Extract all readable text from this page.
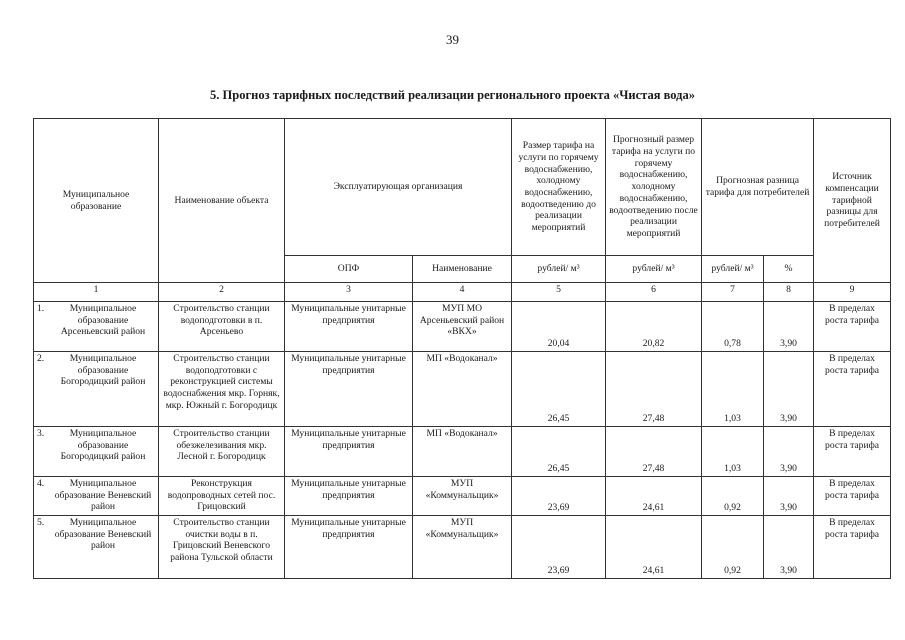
39
5. Прогноз тарифных последствий реализации регионального проекта «Чистая вода»
Муниципальное образование	Наименование объекта	Эксплуатирующая организация		Размер тарифа на услуги по горячему водоснабжению, холодному водоснабжению, водоотведению до реализации мероприятий	Прогнозный размер тарифа на услуги по горячему водоснабжению, холодному водоснабжению, водоотведению после реализации мероприятий	Прогнозная разница тарифа для потребителей		Источник компенсации тарифной разницы для потребителей
		ОПФ	Наименование	рублей/ м³	рублей/ м³	рублей/ м³	%	
1	2	3	4	5	6	7	8	9
1. Муниципальное образование Арсеньевский район	Строительство станции водоподготовки в п. Арсеньево	Муниципальные унитарные предприятия	МУП МО Арсеньевский район «ВКХ»	20,04	20,82	0,78	3,90	В пределах роста тарифа
2. Муниципальное образование Богородицкий район	Строительство станции водоподготовки с реконструкцией системы водоснабжения мкр. Горняк, мкр. Южный г. Богородицк	Муниципальные унитарные предприятия	МП «Водоканал»	26,45	27,48	1,03	3,90	В пределах роста тарифа
3. Муниципальное образование Богородицкий район	Строительство станции обезжелезивания мкр. Лесной г. Богородицк	Муниципальные унитарные предприятия	МП «Водоканал»	26,45	27,48	1,03	3,90	В пределах роста тарифа
4. Муниципальное образование Веневский район	Реконструкция водопроводных сетей пос. Грицовский	Муниципальные унитарные предприятия	МУП «Коммунальщик»	23,69	24,61	0,92	3,90	В пределах роста тарифа
5. Муниципальное образование Веневский район	Строительство станции очистки воды в п. Грицовский Веневского района Тульской области	Муниципальные унитарные предприятия	МУП «Коммунальщик»	23,69	24,61	0,92	3,90	В пределах роста тарифа
